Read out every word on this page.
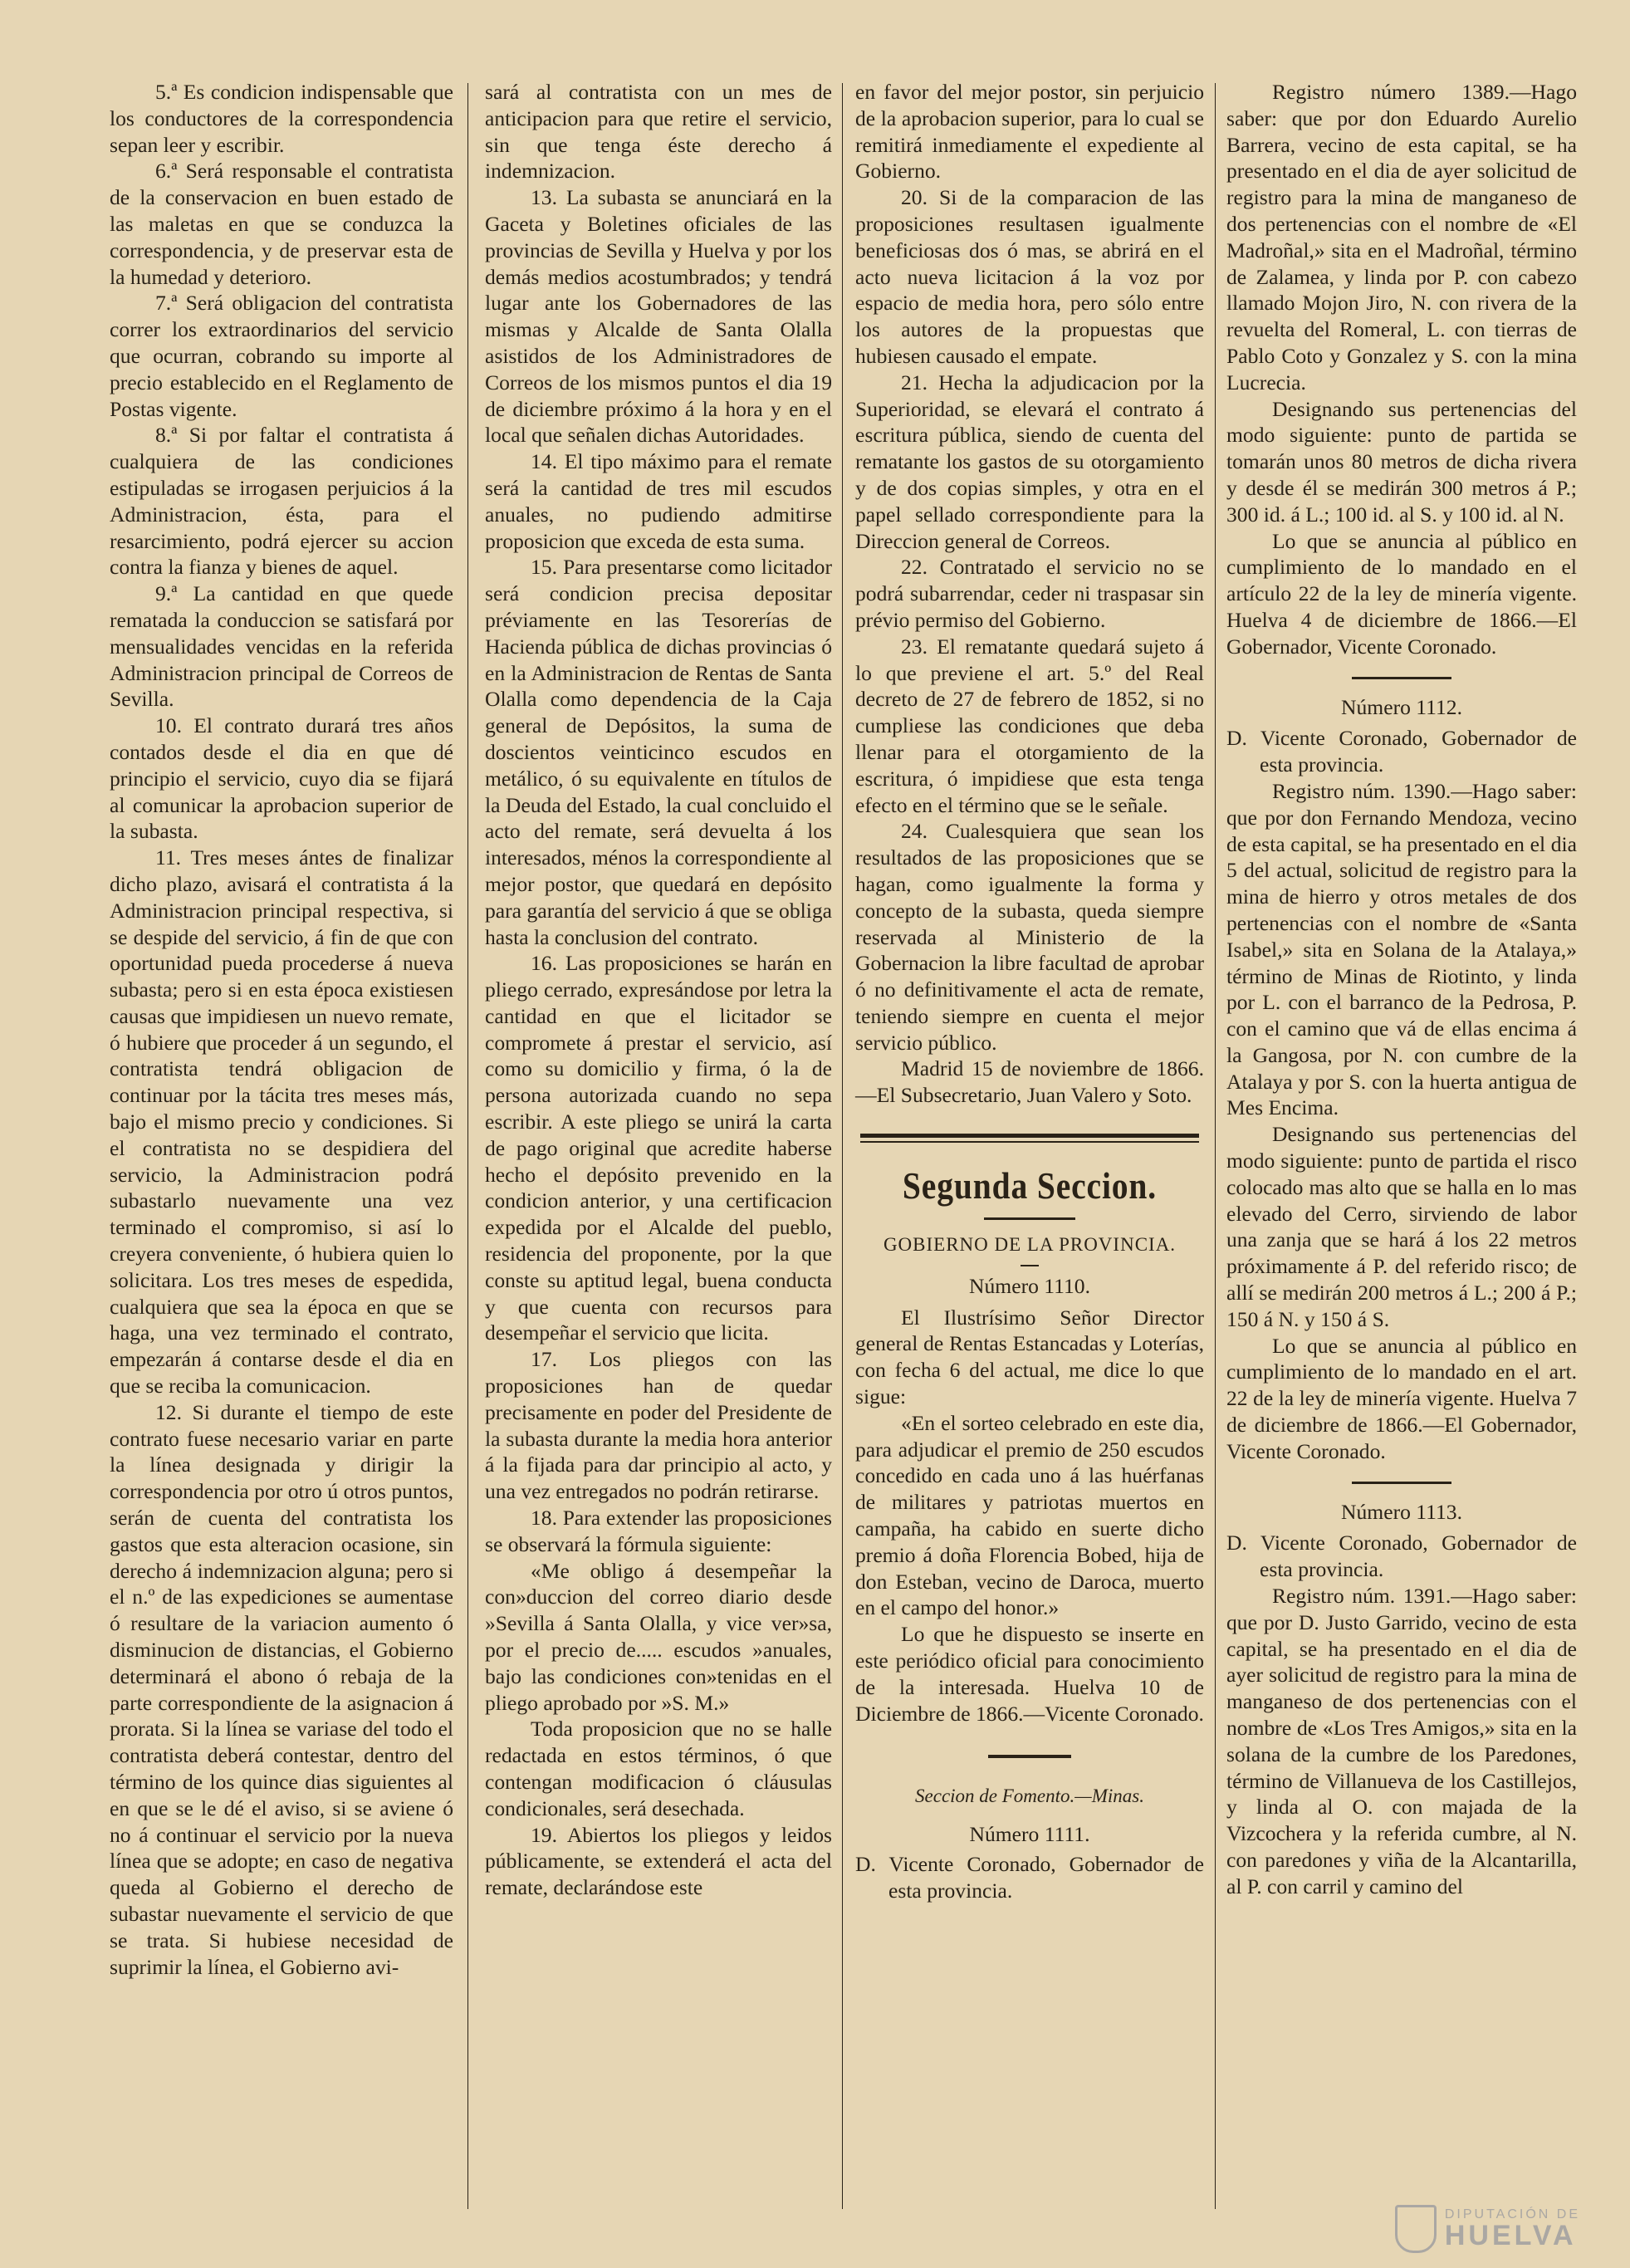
5.ª Es condicion indispensable que los conductores de la correspondencia sepan leer y escribir.

6.ª Será responsable el contratista de la conservacion en buen estado de las maletas en que se conduzca la correspondencia, y de preservar esta de la humedad y deterioro.

7.ª Será obligacion del contratista correr los extraordinarios del servicio que ocurran, cobrando su importe al precio establecido en el Reglamento de Postas vigente.

8.ª Si por faltar el contratista á cualquiera de las condiciones estipuladas se irrogasen perjuicios á la Administracion, ésta, para el resarcimiento, podrá ejercer su accion contra la fianza y bienes de aquel.

9.ª La cantidad en que quede rematada la conduccion se satisfará por mensualidades vencidas en la referida Administracion principal de Correos de Sevilla.

10. El contrato durará tres años contados desde el dia en que dé principio el servicio, cuyo dia se fijará al comunicar la aprobacion superior de la subasta.

11. Tres meses ántes de finalizar dicho plazo, avisará el contratista á la Administracion principal respectiva, si se despide del servicio, á fin de que con oportunidad pueda procederse á nueva subasta; pero si en esta época existiesen causas que impidiesen un nuevo remate, ó hubiere que proceder á un segundo, el contratista tendrá obligacion de continuar por la tácita tres meses más, bajo el mismo precio y condiciones. Si el contratista no se despidiera del servicio, la Administracion podrá subastarlo nuevamente una vez terminado el compromiso, si así lo creyera conveniente, ó hubiera quien lo solicitara. Los tres meses de espedida, cualquiera que sea la época en que se haga, una vez terminado el contrato, empezarán á contarse desde el dia en que se reciba la comunicacion.

12. Si durante el tiempo de este contrato fuese necesario variar en parte la línea designada y dirigir la correspondencia por otro ú otros puntos, serán de cuenta del contratista los gastos que esta alteracion ocasione, sin derecho á indemnizacion alguna; pero si el n.º de las expediciones se aumentase ó resultare de la variacion aumento ó disminucion de distancias, el Gobierno determinará el abono ó rebaja de la parte correspondiente de la asignacion á prorata. Si la línea se variase del todo el contratista deberá contestar, dentro del término de los quince dias siguientes al en que se le dé el aviso, si se aviene ó no á continuar el servicio por la nueva línea que se adopte; en caso de negativa queda al Gobierno el derecho de subastar nuevamente el servicio de que se trata. Si hubiese necesidad de suprimir la línea, el Gobierno avi-

sará al contratista con un mes de anticipacion para que retire el servicio, sin que tenga éste derecho á indemnizacion.

13. La subasta se anunciará en la Gaceta y Boletines oficiales de las provincias de Sevilla y Huelva y por los demás medios acostumbrados; y tendrá lugar ante los Gobernadores de las mismas y Alcalde de Santa Olalla asistidos de los Administradores de Correos de los mismos puntos el dia 19 de diciembre próximo á la hora y en el local que señalen dichas Autoridades.

14. El tipo máximo para el remate será la cantidad de tres mil escudos anuales, no pudiendo admitirse proposicion que exceda de esta suma.

15. Para presentarse como licitador será condicion precisa depositar préviamente en las Tesorerías de Hacienda pública de dichas provincias ó en la Administracion de Rentas de Santa Olalla como dependencia de la Caja general de Depósitos, la suma de doscientos veinticinco escudos en metálico, ó su equivalente en títulos de la Deuda del Estado, la cual concluido el acto del remate, será devuelta á los interesados, ménos la correspondiente al mejor postor, que quedará en depósito para garantía del servicio á que se obliga hasta la conclusion del contrato.

16. Las proposiciones se harán en pliego cerrado, expresándose por letra la cantidad en que el licitador se compromete á prestar el servicio, así como su domicilio y firma, ó la de persona autorizada cuando no sepa escribir. A este pliego se unirá la carta de pago original que acredite haberse hecho el depósito prevenido en la condicion anterior, y una certificacion expedida por el Alcalde del pueblo, residencia del proponente, por la que conste su aptitud legal, buena conducta y que cuenta con recursos para desempeñar el servicio que licita.

17. Los pliegos con las proposiciones han de quedar precisamente en poder del Presidente de la subasta durante la media hora anterior á la fijada para dar principio al acto, y una vez entregados no podrán retirarse.

18. Para extender las proposiciones se observará la fórmula siguiente:

«Me obligo á desempeñar la con»duccion del correo diario desde »Sevilla á Santa Olalla, y vice ver»sa, por el precio de..... escudos »anuales, bajo las condiciones con»tenidas en el pliego aprobado por »S. M.»

Toda proposicion que no se halle redactada en estos términos, ó que contengan modificacion ó cláusulas condicionales, será desechada.

19. Abiertos los pliegos y leidos públicamente, se extenderá el acta del remate, declarándose este

en favor del mejor postor, sin perjuicio de la aprobacion superior, para lo cual se remitirá inmediamente el expediente al Gobierno.

20. Si de la comparacion de las proposiciones resultasen igualmente beneficiosas dos ó mas, se abrirá en el acto nueva licitacion á la voz por espacio de media hora, pero sólo entre los autores de la propuestas que hubiesen causado el empate.

21. Hecha la adjudicacion por la Superioridad, se elevará el contrato á escritura pública, siendo de cuenta del rematante los gastos de su otorgamiento y de dos copias simples, y otra en el papel sellado correspondiente para la Direccion general de Correos.

22. Contratado el servicio no se podrá subarrendar, ceder ni traspasar sin prévio permiso del Gobierno.

23. El rematante quedará sujeto á lo que previene el art. 5.º del Real decreto de 27 de febrero de 1852, si no cumpliese las condiciones que deba llenar para el otorgamiento de la escritura, ó impidiese que esta tenga efecto en el término que se le señale.

24. Cualesquiera que sean los resultados de las proposiciones que se hagan, como igualmente la forma y concepto de la subasta, queda siempre reservada al Ministerio de la Gobernacion la libre facultad de aprobar ó no definitivamente el acta de remate, teniendo siempre en cuenta el mejor servicio público.

Madrid 15 de noviembre de 1866.—El Subsecretario, Juan Valero y Soto.

Segunda Seccion.

GOBIERNO DE LA PROVINCIA.

Número 1110.

El Ilustrísimo Señor Director general de Rentas Estancadas y Loterías, con fecha 6 del actual, me dice lo que sigue:

«En el sorteo celebrado en este dia, para adjudicar el premio de 250 escudos concedido en cada uno á las huérfanas de militares y patriotas muertos en campaña, ha cabido en suerte dicho premio á doña Florencia Bobed, hija de don Esteban, vecino de Daroca, muerto en el campo del honor.»

Lo que he dispuesto se inserte en este periódico oficial para conocimiento de la interesada. Huelva 10 de Diciembre de 1866.—Vicente Coronado.

Seccion de Fomento.—Minas.

Número 1111.

D. Vicente Coronado, Gobernador de esta provincia.

Registro número 1389.—Hago saber: que por don Eduardo Aurelio Barrera, vecino de esta capital, se ha presentado en el dia de ayer solicitud de registro para la mina de manganeso de dos pertenencias con el nombre de «El Madroñal,» sita en el Madroñal, término de Zalamea, y linda por P. con cabezo llamado Mojon Jiro, N. con rivera de la revuelta del Romeral, L. con tierras de Pablo Coto y Gonzalez y S. con la mina Lucrecia.

Designando sus pertenencias del modo siguiente: punto de partida se tomarán unos 80 metros de dicha rivera y desde él se medirán 300 metros á P.; 300 id. á L.; 100 id. al S. y 100 id. al N.

Lo que se anuncia al público en cumplimiento de lo mandado en el artículo 22 de la ley de minería vigente. Huelva 4 de diciembre de 1866.—El Gobernador, Vicente Coronado.

Número 1112.

D. Vicente Coronado, Gobernador de esta provincia.

Registro núm. 1390.—Hago saber: que por don Fernando Mendoza, vecino de esta capital, se ha presentado en el dia 5 del actual, solicitud de registro para la mina de hierro y otros metales de dos pertenencias con el nombre de «Santa Isabel,» sita en Solana de la Atalaya,» término de Minas de Riotinto, y linda por L. con el barranco de la Pedrosa, P. con el camino que vá de ellas encima á la Gangosa, por N. con cumbre de la Atalaya y por S. con la huerta antigua de Mes Encima.

Designando sus pertenencias del modo siguiente: punto de partida el risco colocado mas alto que se halla en lo mas elevado del Cerro, sirviendo de labor una zanja que se hará á los 22 metros próximamente á P. del referido risco; de allí se medirán 200 metros á L.; 200 á P.; 150 á N. y 150 á S.

Lo que se anuncia al público en cumplimiento de lo mandado en el art. 22 de la ley de minería vigente. Huelva 7 de diciembre de 1866.—El Gobernador, Vicente Coronado.

Número 1113.

D. Vicente Coronado, Gobernador de esta provincia.

Registro núm. 1391.—Hago saber: que por D. Justo Garrido, vecino de esta capital, se ha presentado en el dia de ayer solicitud de registro para la mina de manganeso de dos pertenencias con el nombre de «Los Tres Amigos,» sita en la solana de la cumbre de los Paredones, término de Villanueva de los Castillejos, y linda al O. con majada de la Vizcochera y la referida cumbre, al N. con paredones y viña de la Alcantarilla, al P. con carril y camino del

DIPUTACIÓN DE
HUELVA
